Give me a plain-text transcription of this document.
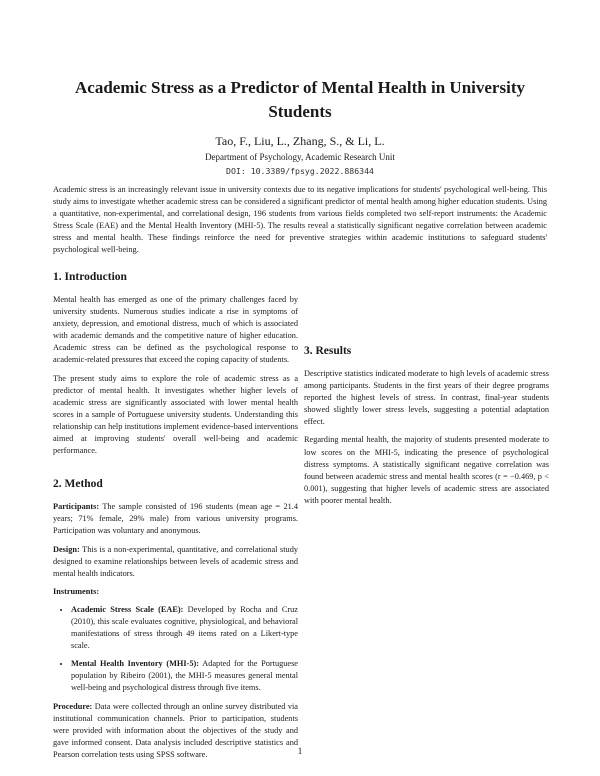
Academic Stress as a Predictor of Mental Health in University Students
Tao, F., Liu, L., Zhang, S., & Li, L.
Department of Psychology, Academic Research Unit
DOI: 10.3389/fpsyg.2022.886344
Academic stress is an increasingly relevant issue in university contexts due to its negative implications for students' psychological well-being. This study aims to investigate whether academic stress can be considered a significant predictor of mental health among higher education students. Using a quantitative, non-experimental, and correlational design, 196 students from various fields completed two self-report instruments: the Academic Stress Scale (EAE) and the Mental Health Inventory (MHI-5). The results reveal a statistically significant negative correlation between academic stress and mental health. These findings reinforce the need for preventive strategies within academic institutions to safeguard students' psychological well-being.
1. Introduction

Mental health has emerged as one of the primary challenges faced by university students. Numerous studies indicate a rise in symptoms of anxiety, depression, and emotional distress, much of which is associated with academic demands and the competitive nature of higher education. Academic stress can be defined as the psychological response to academic-related pressures that exceed the coping capacity of students.

The present study aims to explore the role of academic stress as a predictor of mental health. It investigates whether higher levels of academic stress are significantly associated with lower mental health scores in a sample of Portuguese university students. Understanding this relationship can help institutions implement evidence-based interventions aimed at improving students' overall well-being and academic performance.

2. Method

Participants: The sample consisted of 196 students (mean age = 21.4 years; 71% female, 29% male) from various university programs. Participation was voluntary and anonymous.

Design: This is a non-experimental, quantitative, and correlational study designed to examine relationships between levels of academic stress and mental health indicators.

Instruments:

• Academic Stress Scale (EAE): Developed by Rocha and Cruz (2010), this scale evaluates cognitive, physiological, and behavioral manifestations of stress through 49 items rated on a Likert-type scale.
• Mental Health Inventory (MHI-5): Adapted for the Portuguese population by Ribeiro (2001), the MHI-5 measures general mental well-being and psychological distress through five items.

Procedure: Data were collected through an online survey distributed via institutional communication channels. Prior to participation, students were provided with information about the objectives of the study and gave informed consent. Data analysis included descriptive statistics and Pearson correlation tests using SPSS software.

3. Results

Descriptive statistics indicated moderate to high levels of academic stress among participants. Students in the first years of their degree programs reported the highest levels of stress. In contrast, final-year students showed slightly lower stress levels, suggesting a potential adaptation effect.

Regarding mental health, the majority of students presented moderate to low scores on the MHI-5, indicating the presence of psychological distress symptoms. A statistically significant negative correlation was found between academic stress and mental health scores (r = −0.469, p < 0.001), suggesting that higher levels of academic stress are associated with poorer mental health.

1
